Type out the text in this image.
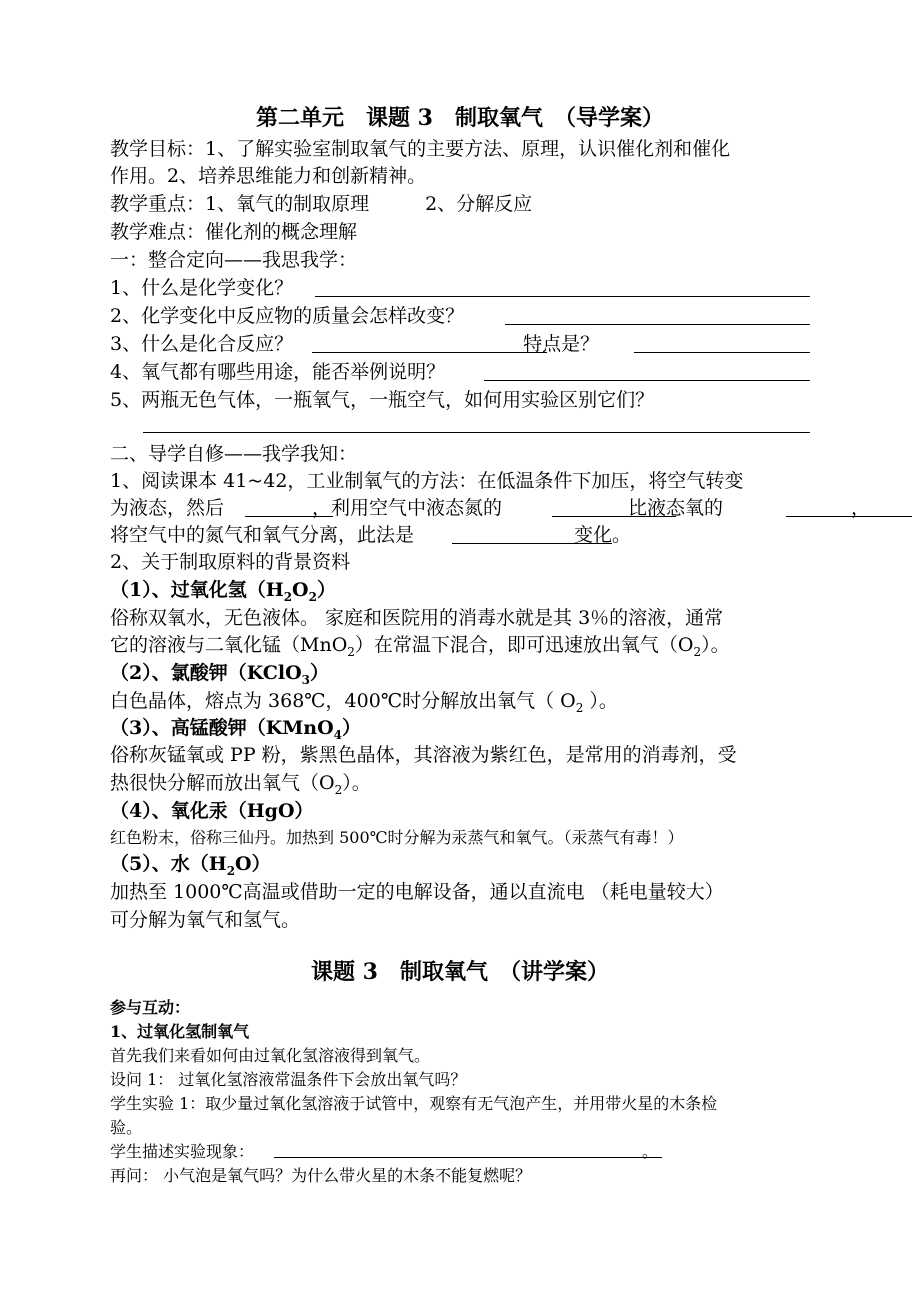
第二单元　课题 3　制取氧气　（导学案）
教学目标：1、了解实验室制取氧气的主要方法、原理，认识催化剂和催化
作用。2、培养思维能力和创新精神。
教学重点：1、氧气的制取原理	2、分解反应
教学难点：催化剂的概念理解
一：整合定向——我思我学：
1、什么是化学变化？
2、化学变化中反应物的质量会怎样改变？
3、什么是化合反应？	特点是？
4、氧气都有哪些用途，能否举例说明？
5、两瓶无色气体，一瓶氧气，一瓶空气，如何用实验区别它们？
二、导学自修——我学我知：
1、阅读课本 41~42，工业制氧气的方法：在低温条件下加压，将空气转变
为液态，然后	，利用空气中液态氮的	比液态氧的	，
将空气中的氮气和氧气分离，此法是	变化。
2、关于制取原料的背景资料
（1）、过氧化氢$(H_2O_2)$
俗称双氧水，无色液体。 家庭和医院用的消毒水就是其 3％的溶液，通常
它的溶液与二氧化锰（MnO$_2$）在常温下混合，即可迅速放出氧气$(O_2)$。
（2）、氯酸钾（KClO$_3$）
白色晶体，熔点为 368℃，400℃时分解放出氧气（ $O_2$ ）。
（3）、高锰酸钾（KMnO$_4$）
俗称灰锰氧或 PP 粉，紫黑色晶体，其溶液为紫红色，是常用的消毒剂，受
热很快分解而放出氧气$(O_2)$。
（4）、氧化汞（HgO）
红色粉末，俗称三仙丹。加热到 500℃时分解为汞蒸气和氧气。（汞蒸气有毒！）
（5）、水$(H_2O)$
加热至 1000℃高温或借助一定的电解设备，通以直流电 （耗电量较大）
可分解为氧气和氢气。
课题 3　制取氧气　（讲学案）
参与互动：
1、过氧化氢制氧气
首先我们来看如何由过氧化氢溶液得到氧气。
设问 1： 过氧化氢溶液常温条件下会放出氧气吗？
学生实验 1：取少量过氧化氢溶液于试管中，观察有无气泡产生，并用带火星的木条检
验。
学生描述实验现象：	。
再问： 小气泡是氧气吗？为什么带火星的木条不能复燃呢？
